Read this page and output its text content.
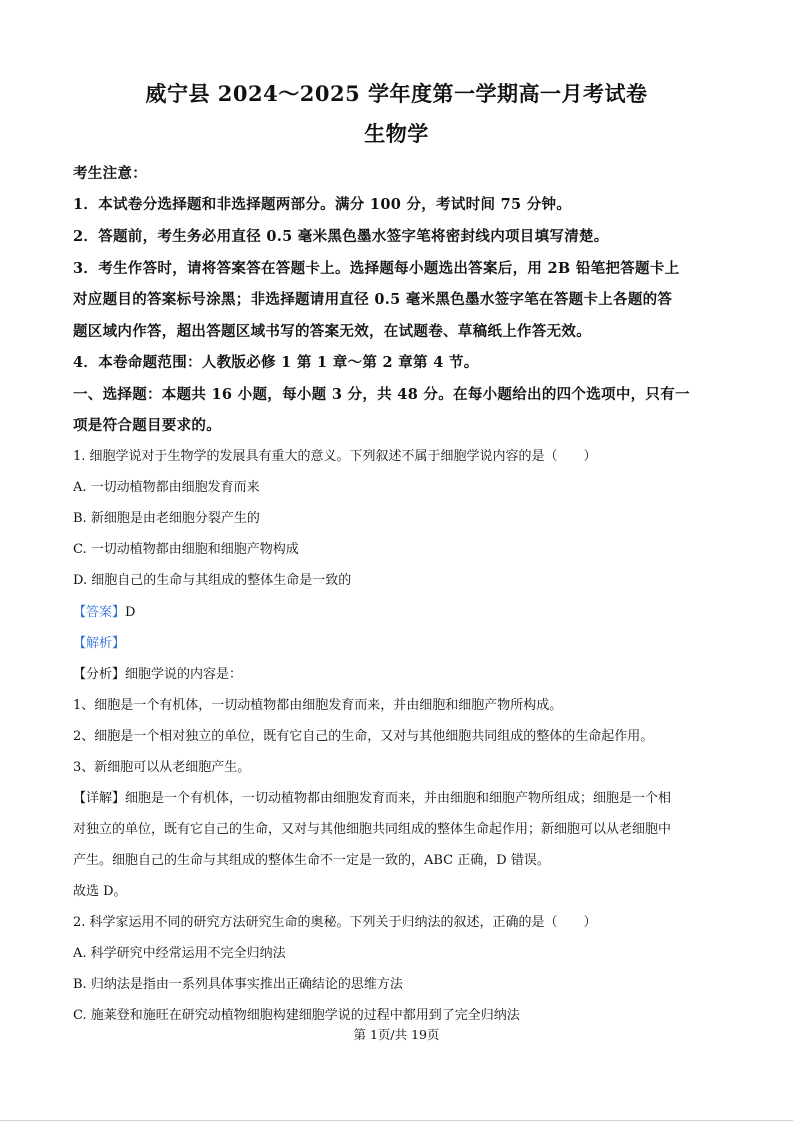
威宁县 2024～2025 学年度第一学期高一月考试卷
生物学
考生注意：
1．本试卷分选择题和非选择题两部分。满分 100 分，考试时间 75 分钟。
2．答题前，考生务必用直径 0.5 毫米黑色墨水签字笔将密封线内项目填写清楚。
3．考生作答时，请将答案答在答题卡上。选择题每小题选出答案后，用 2B 铅笔把答题卡上
对应题目的答案标号涂黑；非选择题请用直径 0.5 毫米黑色墨水签字笔在答题卡上各题的答
题区域内作答，超出答题区域书写的答案无效，在试题卷、草稿纸上作答无效。
4．本卷命题范围：人教版必修 1 第 1 章～第 2 章第 4 节。
一、选择题：本题共 16 小题，每小题 3 分，共 48 分。在每小题给出的四个选项中，只有一
项是符合题目要求的。
1. 细胞学说对于生物学的发展具有重大的意义。下列叙述不属于细胞学说内容的是（　　）
A. 一切动植物都由细胞发育而来
B. 新细胞是由老细胞分裂产生的
C. 一切动植物都由细胞和细胞产物构成
D. 细胞自己的生命与其组成的整体生命是一致的
【答案】D
【解析】
【分析】细胞学说的内容是：
1、细胞是一个有机体，一切动植物都由细胞发育而来，并由细胞和细胞产物所构成。
2、细胞是一个相对独立的单位，既有它自己的生命，又对与其他细胞共同组成的整体的生命起作用。
3、新细胞可以从老细胞产生。
【详解】细胞是一个有机体，一切动植物都由细胞发育而来，并由细胞和细胞产物所组成；细胞是一个相
对独立的单位，既有它自己的生命，又对与其他细胞共同组成的整体生命起作用；新细胞可以从老细胞中
产生。细胞自己的生命与其组成的整体生命不一定是一致的，ABC 正确，D 错误。
故选 D。
2. 科学家运用不同的研究方法研究生命的奥秘。下列关于归纳法的叙述，正确的是（　　）
A. 科学研究中经常运用不完全归纳法
B. 归纳法是指由一系列具体事实推出正确结论的思维方法
C. 施莱登和施旺在研究动植物细胞构建细胞学说的过程中都用到了完全归纳法
第 1页/共 19页
